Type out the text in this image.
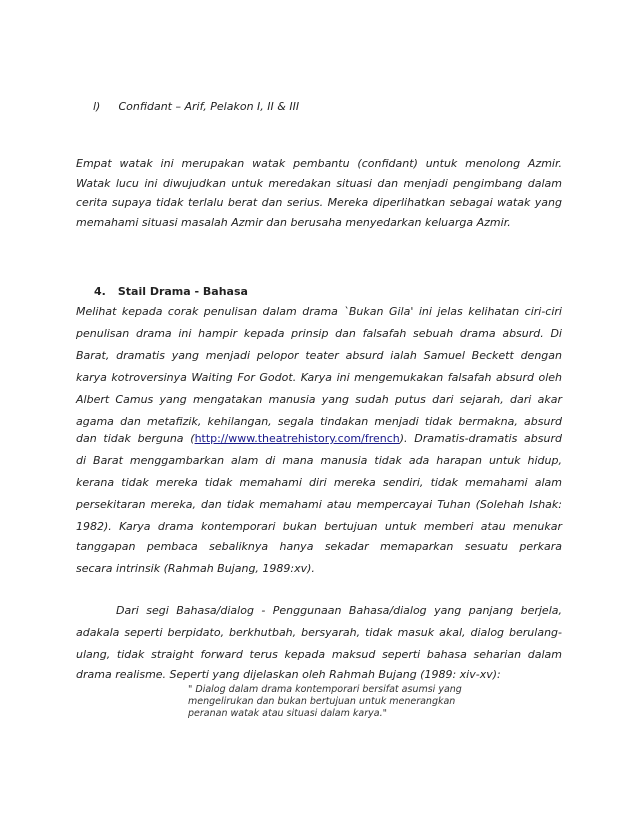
l) Confidant – Arif, Pelakon I, II & III
Empat watak ini merupakan watak pembantu (confidant) untuk menolong Azmir.
Watak lucu ini diwujudkan untuk meredakan situasi dan menjadi pengimbang dalam
cerita supaya tidak terlalu berat dan serius. Mereka diperlihatkan sebagai watak yang
memahami situasi masalah Azmir dan berusaha menyedarkan keluarga Azmir.
4. Stail Drama - Bahasa
Melihat kepada corak penulisan dalam drama `Bukan Gila' ini jelas kelihatan ciri-ciri
penulisan drama ini hampir kepada prinsip dan falsafah sebuah drama absurd. Di
Barat, dramatis yang menjadi pelopor teater absurd ialah Samuel Beckett dengan
karya kotroversinya Waiting For Godot. Karya ini mengemukakan falsafah absurd oleh
Albert Camus yang mengatakan manusia yang sudah putus dari sejarah, dari akar
agama dan metafizik, kehilangan, segala tindakan menjadi tidak bermakna, absurd
dan tidak berguna (http://www.theatrehistory.com/french). Dramatis-dramatis absurd
di Barat menggambarkan alam di mana manusia tidak ada harapan untuk hidup,
kerana tidak mereka tidak memahami diri mereka sendiri, tidak memahami alam
persekitaran mereka, dan tidak memahami atau mempercayai Tuhan (Solehah Ishak:
1982). Karya drama kontemporari bukan bertujuan untuk memberi atau menukar
tanggapan pembaca sebaliknya hanya sekadar memaparkan sesuatu perkara
secara intrinsik (Rahmah Bujang, 1989:xv).
Dari segi Bahasa/dialog - Penggunaan Bahasa/dialog yang panjang berjela,
adakala seperti berpidato, berkhutbah, bersyarah, tidak masuk akal, dialog berulang-
ulang, tidak straight forward terus kepada maksud seperti bahasa seharian dalam
drama realisme. Seperti yang dijelaskan oleh Rahmah Bujang (1989: xiv-xv):
" Dialog dalam drama kontemporari bersifat asumsi yang
mengelirukan dan bukan bertujuan untuk menerangkan
peranan watak atau situasi dalam karya."
